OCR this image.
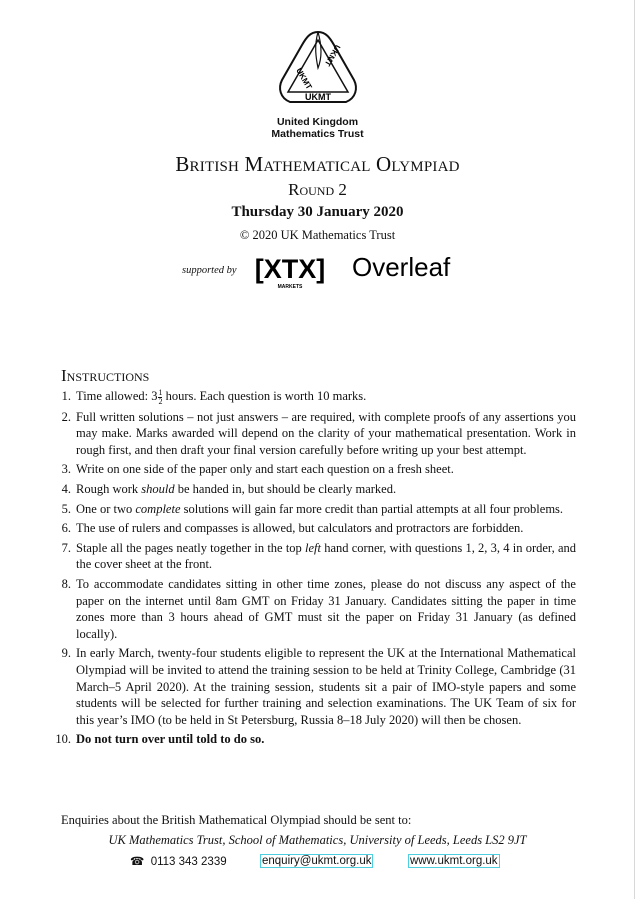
UKMT
UKMT
UKMT
United Kingdom
Mathematics Trust
British Mathematical Olympiad
Round 2
Thursday 30 January 2020
© 2020 UK Mathematics Trust
supported by [XTX]
MARKETS
Overleaf
Instructions
1. Time allowed: $3 \frac{1}{2}$ hours. Each question is worth 10 marks.
2. Full written solutions – not just answers – are required, with complete proofs of any assertions you may make. Marks awarded will depend on the clarity of your mathematical presentation. Work in rough first, and then draft your final version carefully before writing up your best attempt.
3. Write on one side of the paper only and start each question on a fresh sheet.
4. Rough work should be handed in, but should be clearly marked.
5. One or two complete solutions will gain far more credit than partial attempts at all four problems.
6. The use of rulers and compasses is allowed, but calculators and protractors are forbidden.
7. Staple all the pages neatly together in the top left hand corner, with questions 1, 2, 3, 4 in order, and the cover sheet at the front.
8. To accommodate candidates sitting in other time zones, please do not discuss any aspect of the paper on the internet until 8am GMT on Friday 31 January. Candidates sitting the paper in time zones more than 3 hours ahead of GMT must sit the paper on Friday 31 January (as defined locally).
9. In early March, twenty-four students eligible to represent the UK at the International Mathematical Olympiad will be invited to attend the training session to be held at Trinity College, Cambridge (31 March–5 April 2020). At the training session, students sit a pair of IMO-style papers and some students will be selected for further training and selection examinations. The UK Team of six for this year’s IMO (to be held in St Petersburg, Russia 8–18 July 2020) will then be chosen.
10. Do not turn over until told to do so.
Enquiries about the British Mathematical Olympiad should be sent to:
UK Mathematics Trust, School of Mathematics, University of Leeds, Leeds LS2 9JT
☎ 0113 343 2339	enquiry@ukmt.org.uk	www.ukmt.org.uk
